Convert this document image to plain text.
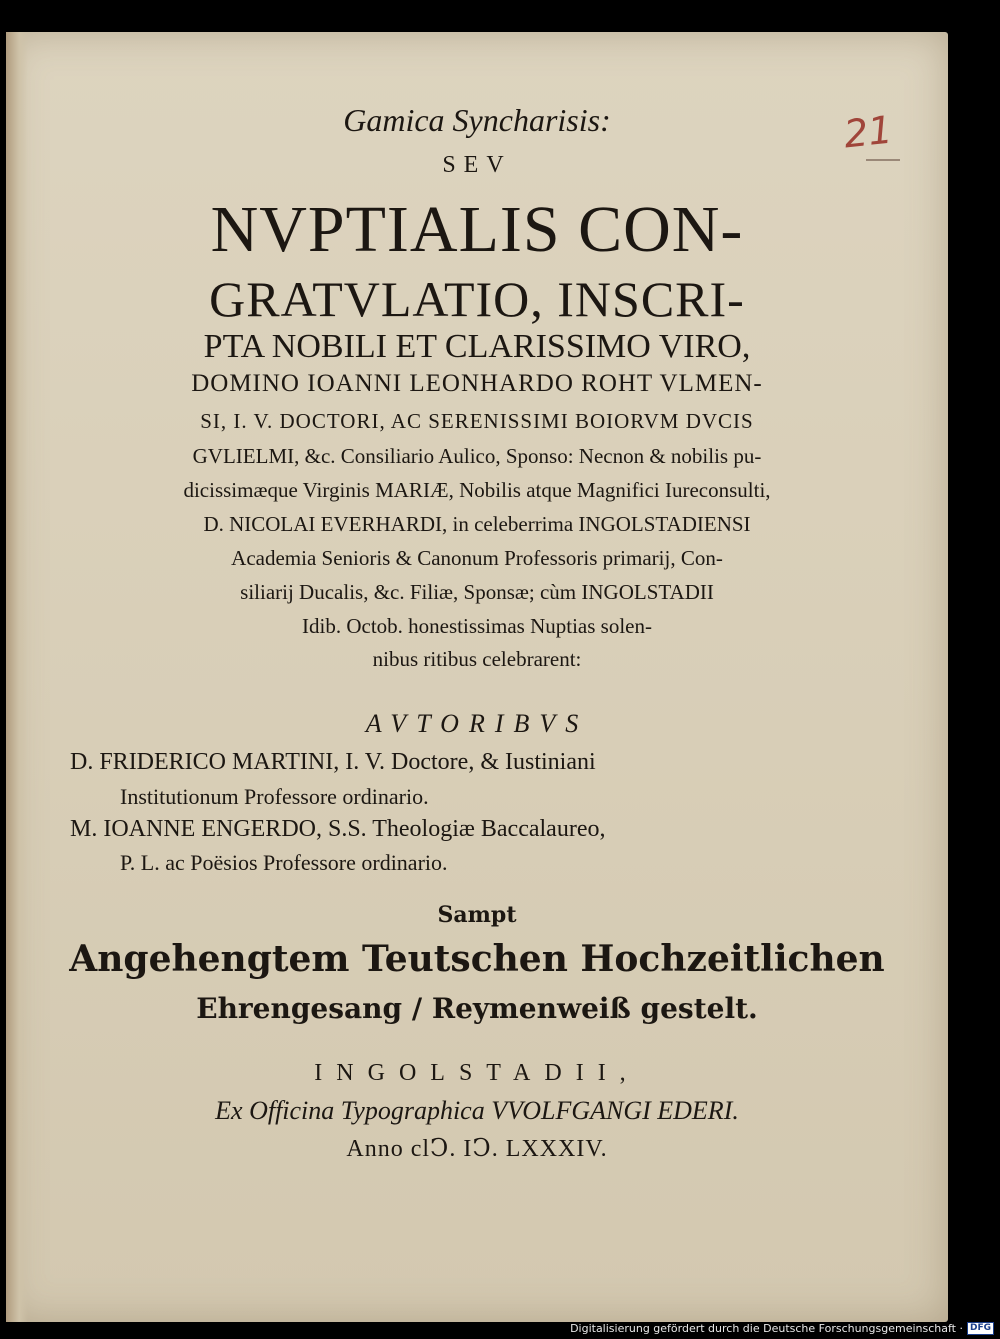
21

Gamica Syncharisis:

SEV

NVPTIALIS CON‑

GRATVLATIO, INSCRI‑

PTA NOBILI ET CLARISSIMO VIRO,

DOMINO IOANNI LEONHARDO ROHT VLMEN‑

SI, I. V. DOCTORI, AC SERENISSIMI BOIORVM DVCIS

GVLIELMI, &c. Consiliario Aulico, Sponso: Necnon & nobilis pu‑

dicissimæque Virginis MARIÆ, Nobilis atque Magnifici Iureconsulti,

D. NICOLAI EVERHARDI, in celeberrima INGOLSTADIENSI

Academia Senioris & Canonum Professoris primarij, Con‑

siliarij Ducalis, &c. Filiæ, Sponsæ; cùm INGOLSTADII

Idib. Octob. honestissimas Nuptias solen‑

nibus ritibus celebrarent:

AVTORIBVS

D. FRIDERICO MARTINI, I. V. Doctore, & Iustiniani

Institutionum Professore ordinario.

M. IOANNE ENGERDO, S.S. Theologiæ Baccalaureo,

P. L. ac Poësios Professore ordinario.

Sampt

Angehengtem Teutschen Hochzeitlichen

Ehrengesang / Reymenweiß gestelt.

INGOLSTADII,

Ex Officina Typographica VVOLFGANGI EDERI.

Anno clↃ. IↃ. LXXXIV.

Digitalisierung gefördert durch die Deutsche Forschungsgemeinschaft · DFG
